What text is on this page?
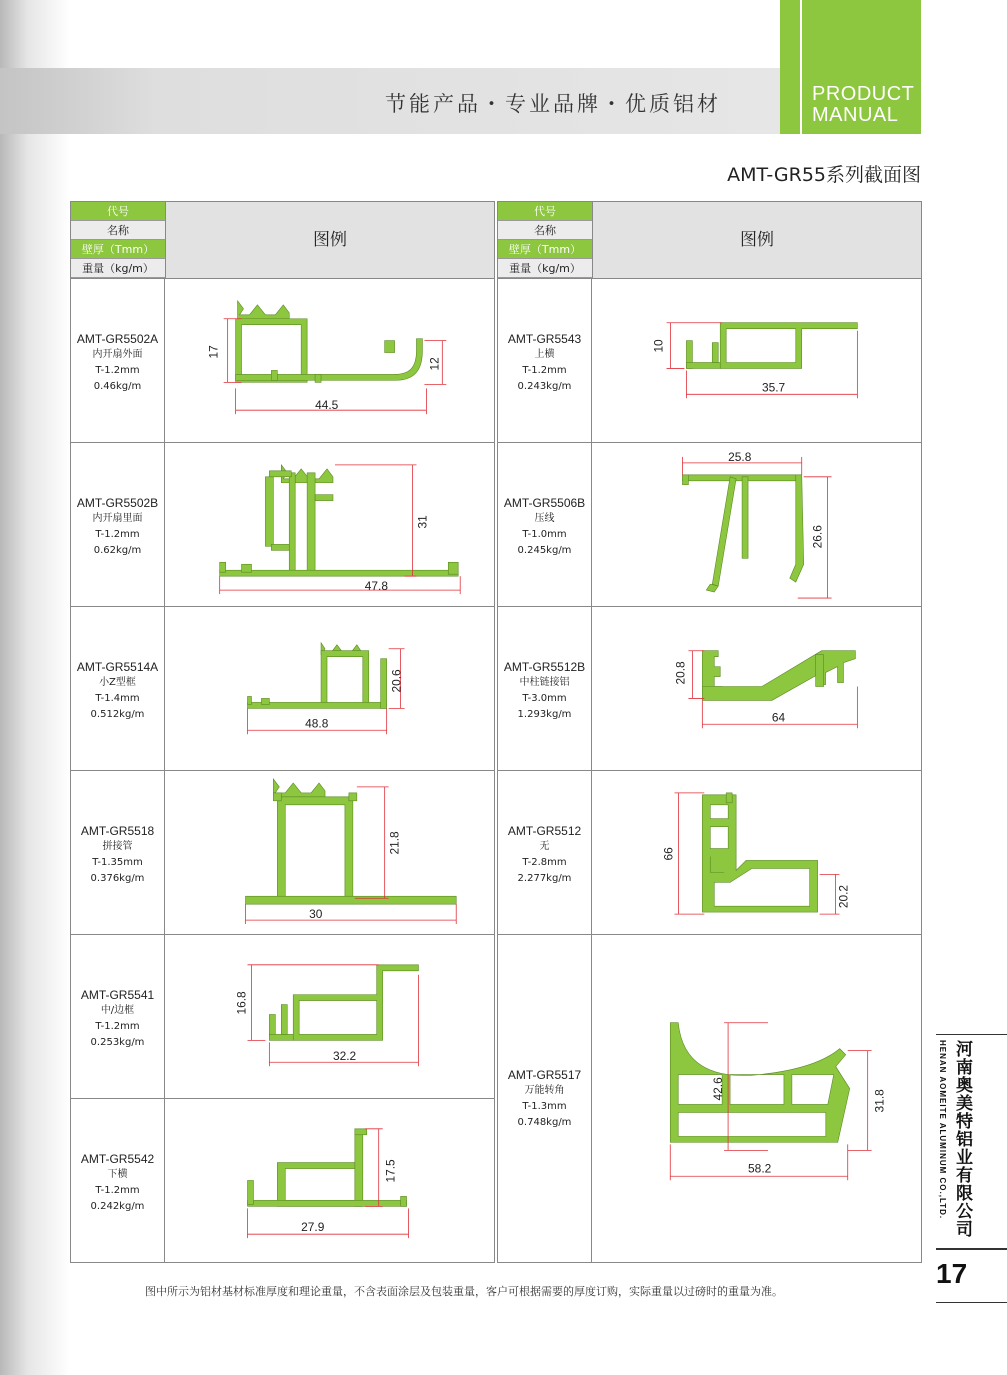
节能产品・专业品牌・优质铝材	PRODUCT
MANUAL
AMT-GR55系列截面图
代号
名称
壁厚（Tmm）
重量（kg/m）
图例
AMT-GR5502A
内开扇外面
T-1.2mm
0.46kg/m
17
12
44.5
AMT-GR5502B
内开扇里面
T-1.2mm
0.62kg/m
31
47.8
AMT-GR5514A
小Z型框
T-1.4mm
0.512kg/m
20.6
48.8
AMT-GR5518
拼接管
T-1.35mm
0.376kg/m
21.8
30
AMT-GR5541
中/边框
T-1.2mm
0.253kg/m
16.8
32.2
AMT-GR5542
下横
T-1.2mm
0.242kg/m
17.5
27.9
代号
名称
壁厚（Tmm）
重量（kg/m）
图例
AMT-GR5543
上横
T-1.2mm
0.243kg/m
10
35.7
AMT-GR5506B
压线
T-1.0mm
0.245kg/m
25.8
26.6
AMT-GR5512B
中柱链接铝
T-3.0mm
1.293kg/m
20.8
64
AMT-GR5512
无
T-2.8mm
2.277kg/m
66
20.2
AMT-GR5517
万能转角
T-1.3mm
0.748kg/m
42.6
31.8
58.2
图中所示为铝材基材标准厚度和理论重量，不含表面涂层及包装重量，客户可根据需要的厚度订购，实际重量以过磅时的重量为准。
河南奥美特铝业有限公司
HENAN AOMEITE ALUMINUM CO.,LTD.
17
